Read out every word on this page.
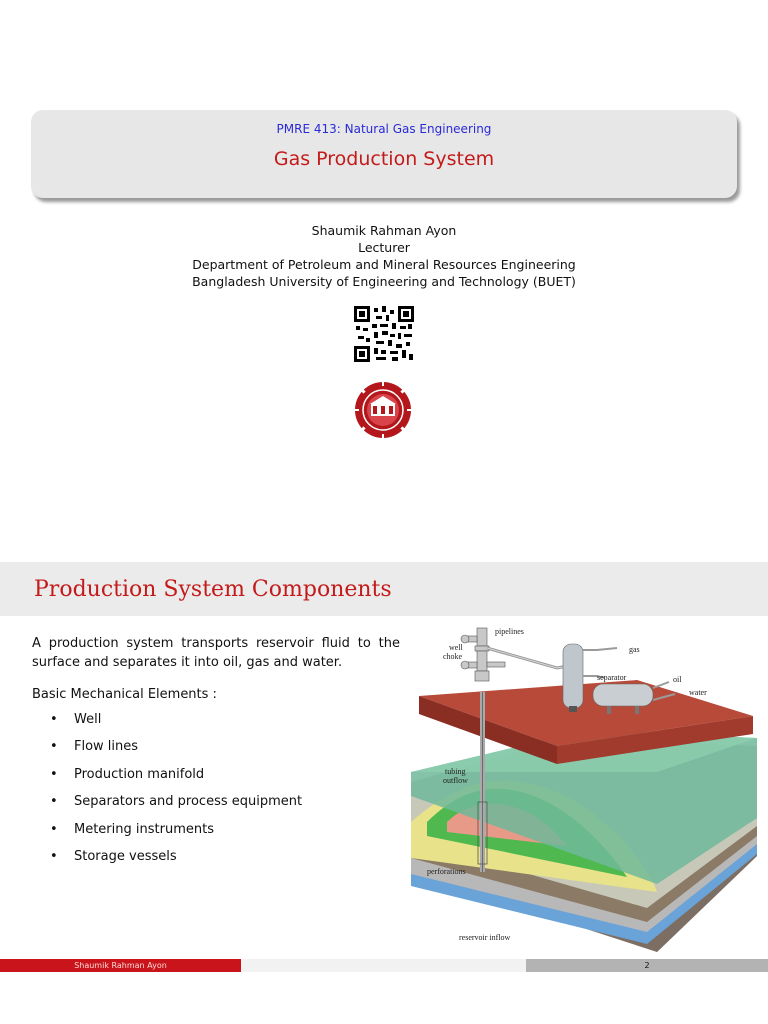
PMRE 413: Natural Gas Engineering
Gas Production System
Shaumik Rahman Ayon
Lecturer
Department of Petroleum and Mineral Resources Engineering
Bangladesh University of Engineering and Technology (BUET)
Production System Components
A production system transports reservoir fluid to the surface and separates it into oil, gas and water.
Basic Mechanical Elements :
•	Well
•	Flow lines
•	Production manifold
•	Separators and process equipment
•	Metering instruments
•	Storage vessels
pipelines
well
choke
gas
separator	oil
water
tubing
outflow
perforations
reservoir inflow
Shaumik Rahman Ayon	2
